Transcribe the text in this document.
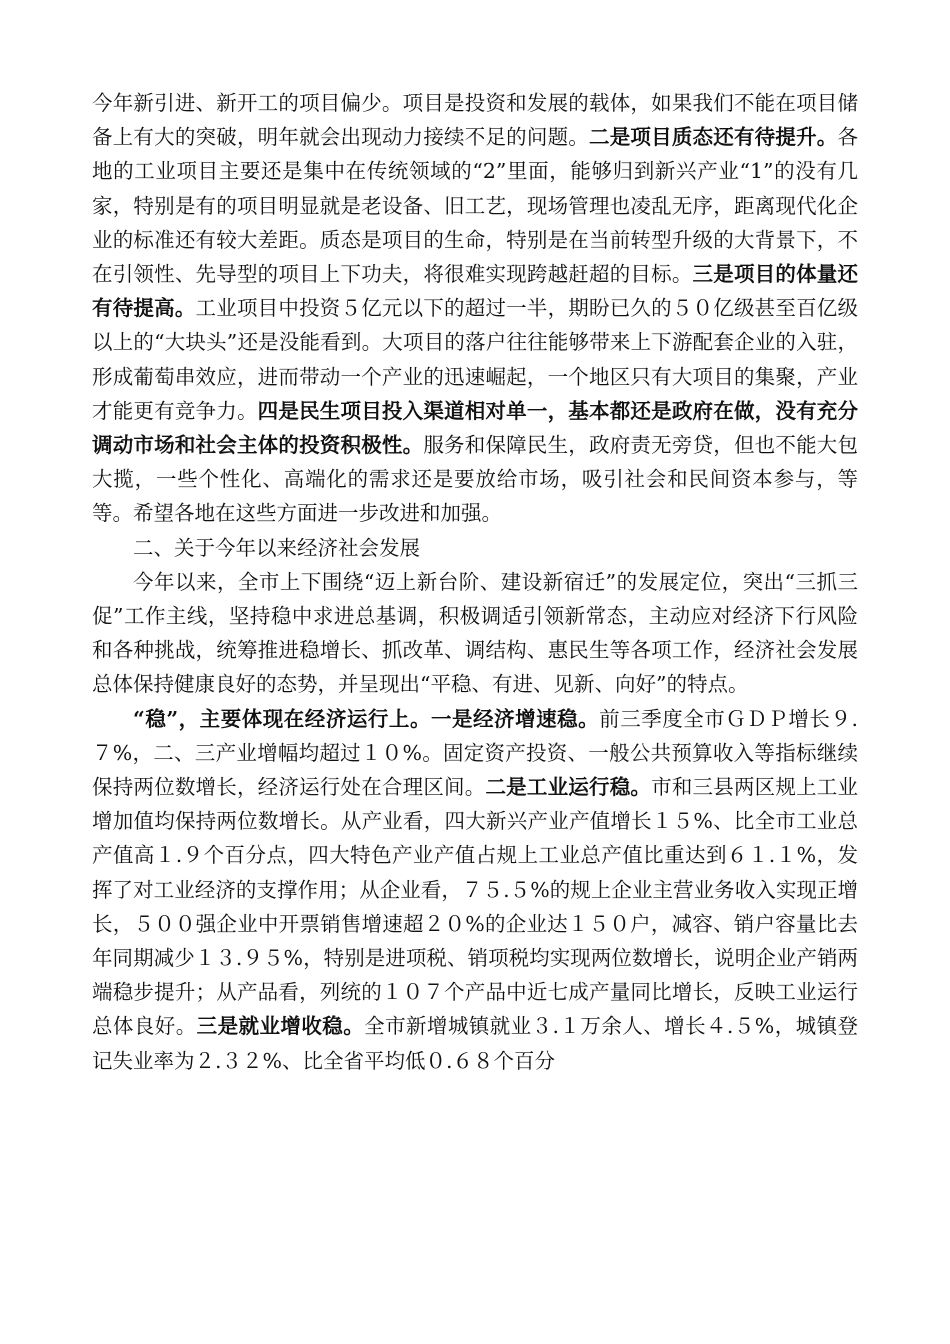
今年新引进、新开工的项目偏少。项目是投资和发展的载体，如果我们不能在项目储备上有大的突破，明年就会出现动力接续不足的问题。二是项目质态还有待提升。各地的工业项目主要还是集中在传统领域的“2”里面，能够归到新兴产业“1”的没有几家，特别是有的项目明显就是老设备、旧工艺，现场管理也凌乱无序，距离现代化企业的标准还有较大差距。质态是项目的生命，特别是在当前转型升级的大背景下，不在引领性、先导型的项目上下功夫，将很难实现跨越赶超的目标。三是项目的体量还有待提高。工业项目中投资５亿元以下的超过一半，期盼已久的５０亿级甚至百亿级以上的“大块头”还是没能看到。大项目的落户往往能够带来上下游配套企业的入驻，形成葡萄串效应，进而带动一个产业的迅速崛起，一个地区只有大项目的集聚，产业才能更有竞争力。四是民生项目投入渠道相对单一，基本都还是政府在做，没有充分调动市场和社会主体的投资积极性。服务和保障民生，政府责无旁贷，但也不能大包大揽，一些个性化、高端化的需求还是要放给市场，吸引社会和民间资本参与，等等。希望各地在这些方面进一步改进和加强。

二、关于今年以来经济社会发展

今年以来，全市上下围绕“迈上新台阶、建设新宿迁”的发展定位，突出“三抓三促”工作主线，坚持稳中求进总基调，积极调适引领新常态，主动应对经济下行风险和各种挑战，统筹推进稳增长、抓改革、调结构、惠民生等各项工作，经济社会发展总体保持健康良好的态势，并呈现出“平稳、有进、见新、向好”的特点。

“稳”，主要体现在经济运行上。一是经济增速稳。前三季度全市ＧＤＰ增长９.７%，二、三产业增幅均超过１０%。固定资产投资、一般公共预算收入等指标继续保持两位数增长，经济运行处在合理区间。二是工业运行稳。市和三县两区规上工业增加值均保持两位数增长。从产业看，四大新兴产业产值增长１５%、比全市工业总产值高１.９个百分点，四大特色产业产值占规上工业总产值比重达到６１.１%，发挥了对工业经济的支撑作用；从企业看，７５.５%的规上企业主营业务收入实现正增长，５００强企业中开票销售增速超２０%的企业达１５０户，减容、销户容量比去年同期减少１３.９５%，特别是进项税、销项税均实现两位数增长，说明企业产销两端稳步提升；从产品看，列统的１０７个产品中近七成产量同比增长，反映工业运行总体良好。三是就业增收稳。全市新增城镇就业３.１万余人、增长４.５%，城镇登记失业率为２.３２%、比全省平均低０.６８个百分
